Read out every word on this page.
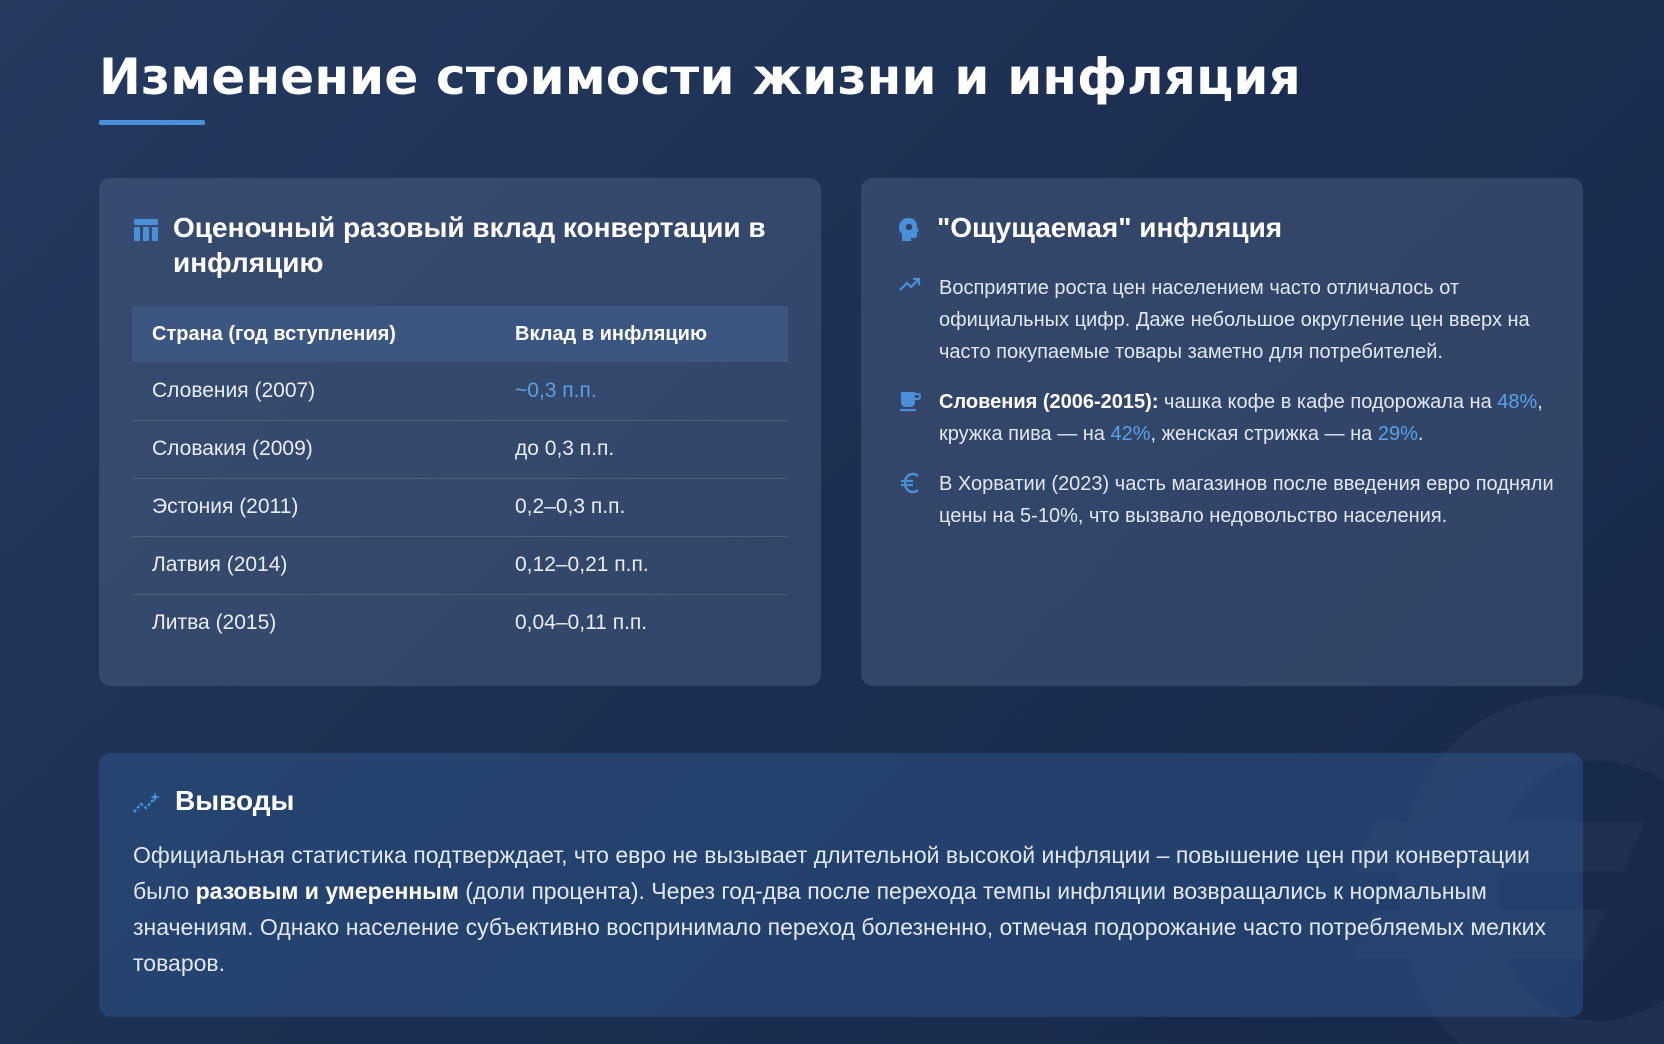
Изменение стоимости жизни и инфляция
Оценочный разовый вклад конвертации в инфляцию
Страна (год вступления)	Вклад в инфляцию
Словения (2007)	~0,3 п.п.
Словакия (2009)	до 0,3 п.п.
Эстония (2011)	0,2–0,3 п.п.
Латвия (2014)	0,12–0,21 п.п.
Литва (2015)	0,04–0,11 п.п.
"Ощущаемая" инфляция

Восприятие роста цен населением часто отличалось от официальных цифр. Даже небольшое округление цен вверх на часто покупаемые товары заметно для потребителей.

Словения (2006-2015): чашка кофе в кафе подорожала на 48%, кружка пива — на 42%, женская стрижка — на 29%.

В Хорватии (2023) часть магазинов после введения евро подняли цены на 5-10%, что вызвало недовольство населения.

Выводы

Официальная статистика подтверждает, что евро не вызывает длительной высокой инфляции – повышение цен при конвертации было разовым и умеренным (доли процента). Через год-два после перехода темпы инфляции возвращались к нормальным значениям. Однако население субъективно воспринимало переход болезненно, отмечая подорожание часто потребляемых мелких товаров.
